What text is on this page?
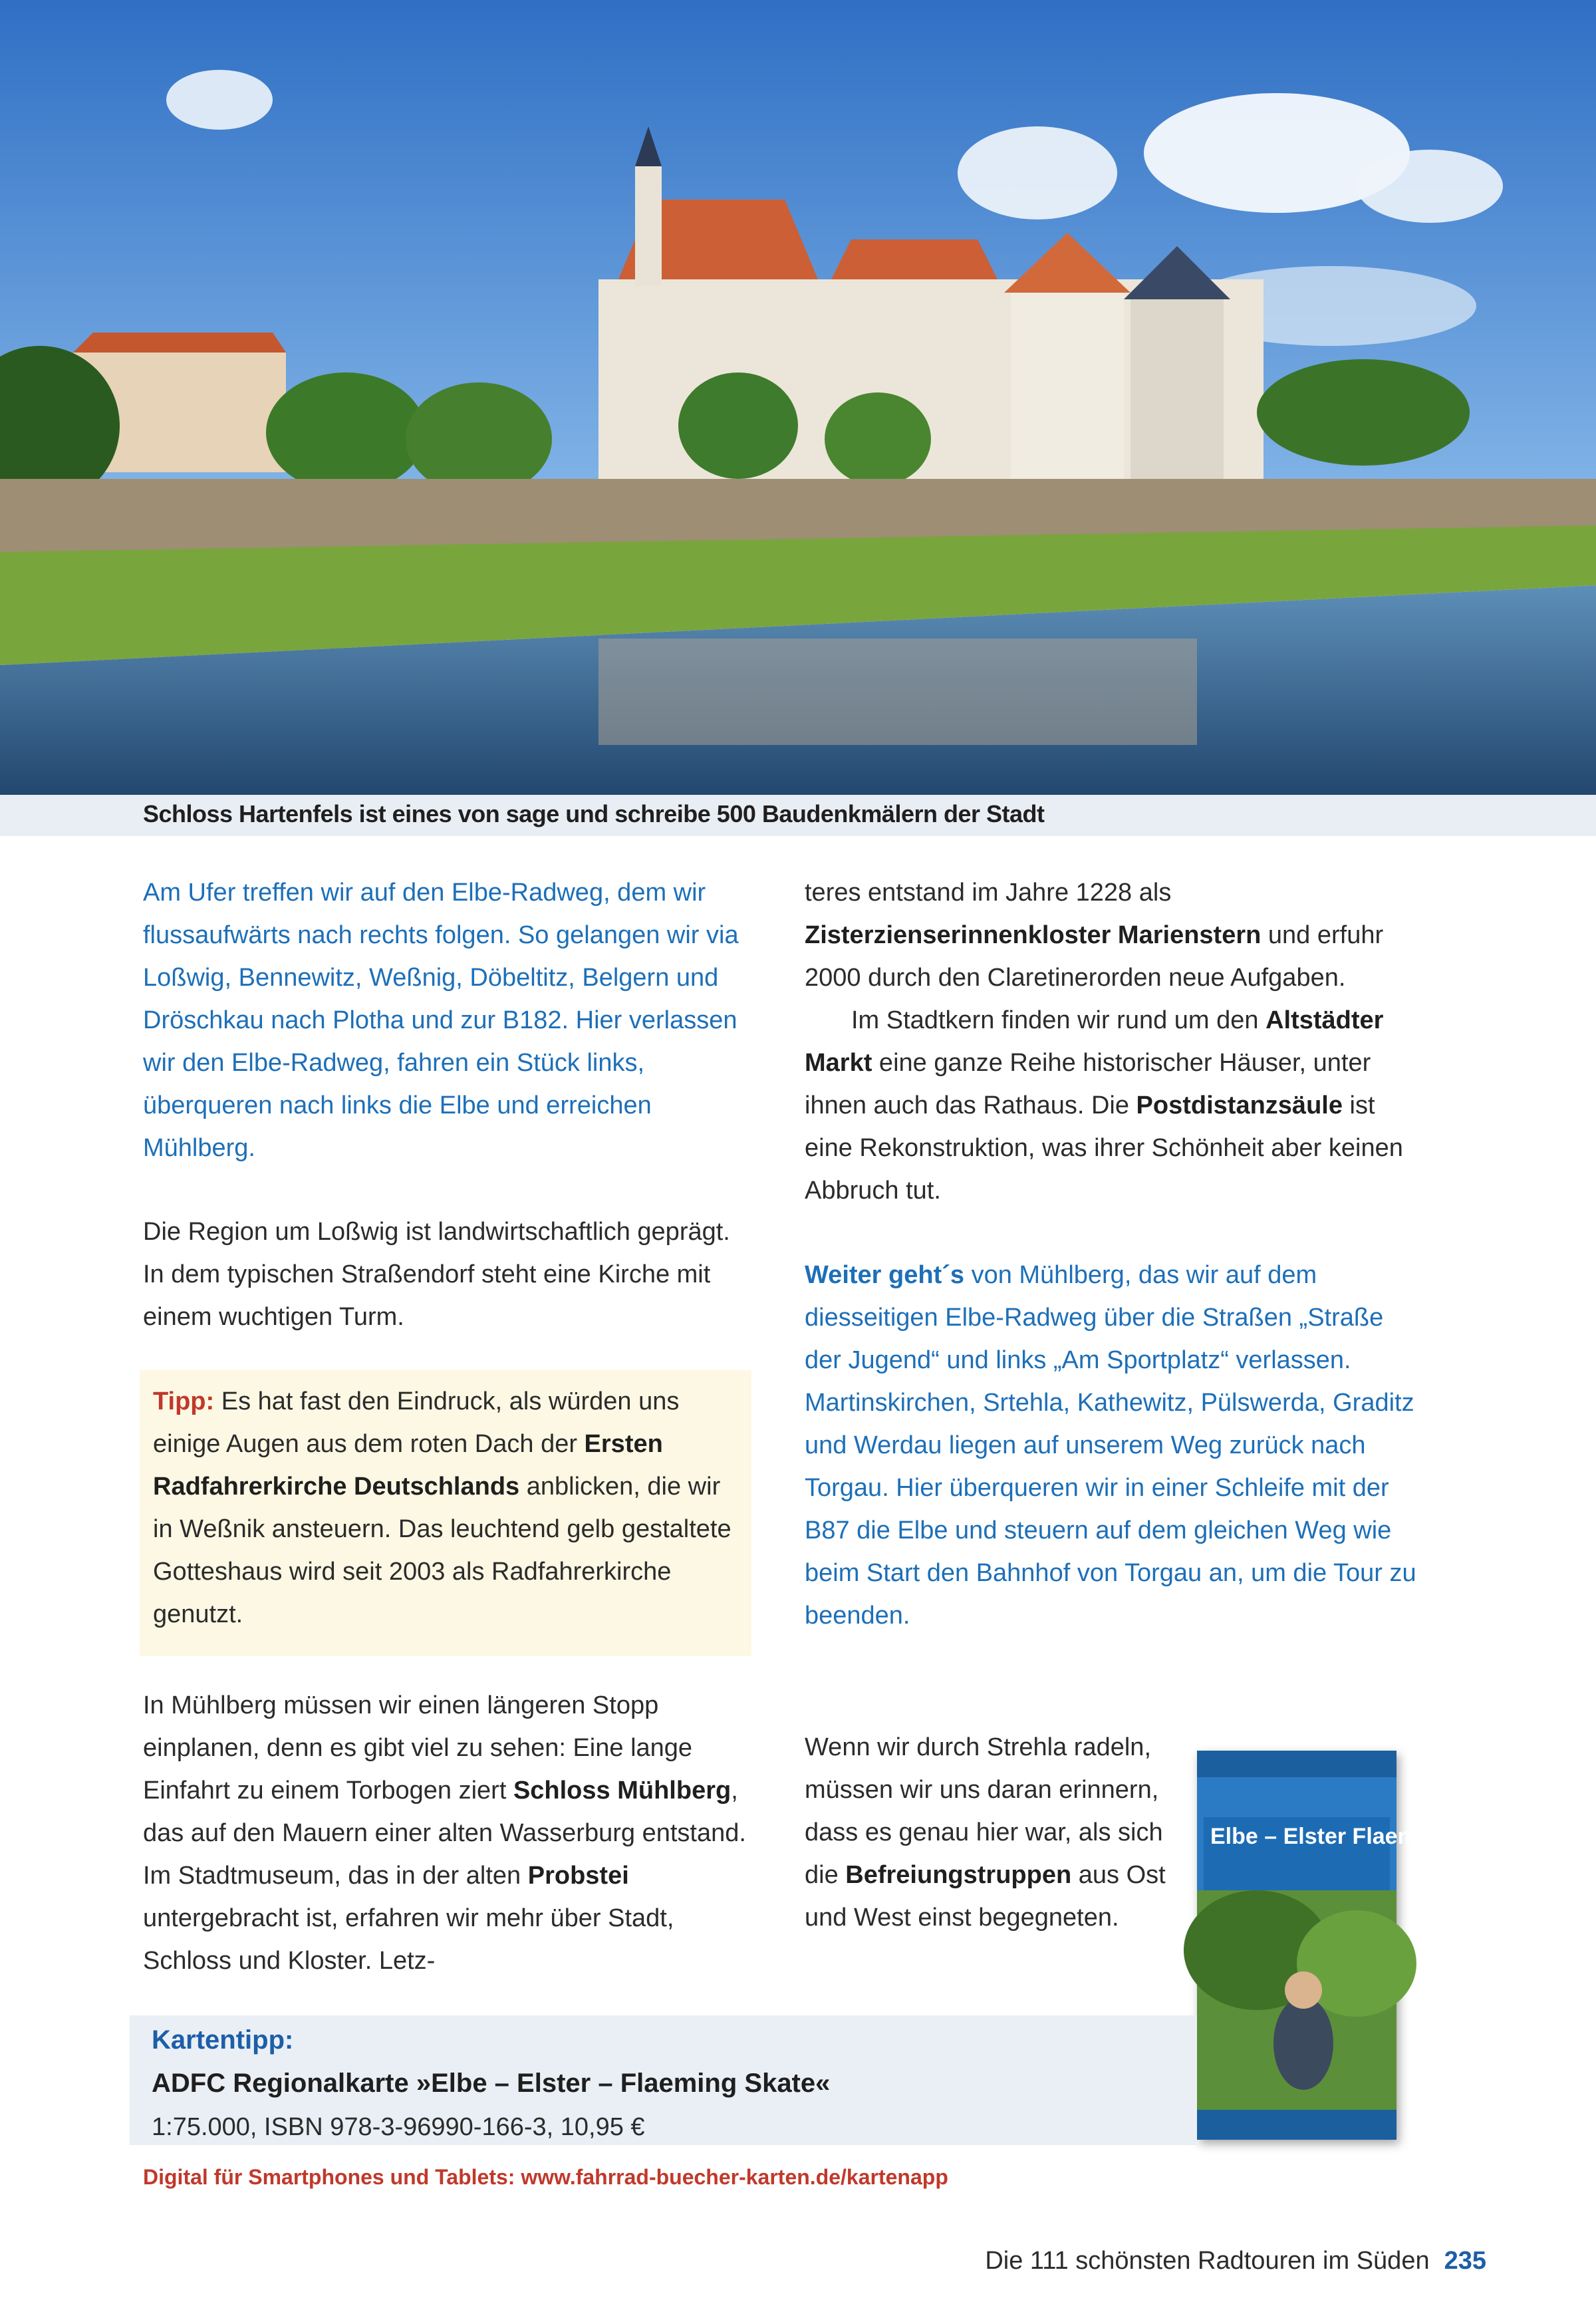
Schloss Hartenfels ist eines von sage und schreibe 500 Baudenkmälern der Stadt

Am Ufer treffen wir auf den Elbe-Radweg, dem wir flussaufwärts nach rechts folgen. So gelangen wir via Loßwig, Bennewitz, Weßnig, Döbeltitz, Belgern und Dröschkau nach Plotha und zur B182. Hier verlassen wir den Elbe-Radweg, fahren ein Stück links, überqueren nach links die Elbe und erreichen Mühlberg.

Die Region um Loßwig ist landwirtschaftlich geprägt. In dem typischen Straßendorf steht eine Kirche mit einem wuchtigen Turm.

Tipp: Es hat fast den Eindruck, als würden uns einige Augen aus dem roten Dach der Ersten Radfahrerkirche Deutschlands anblicken, die wir in Weßnik ansteuern. Das leuchtend gelb gestaltete Gotteshaus wird seit 2003 als Radfahrerkirche genutzt.

In Mühlberg müssen wir einen längeren Stopp einplanen, denn es gibt viel zu sehen: Eine lange Einfahrt zu einem Torbogen ziert Schloss Mühlberg, das auf den Mauern einer alten Wasserburg entstand. Im Stadtmuseum, das in der alten Probstei untergebracht ist, erfahren wir mehr über Stadt, Schloss und Kloster. Letz-

teres entstand im Jahre 1228 als Zisterzienserinnenkloster Marienstern und erfuhr 2000 durch den Claretinerorden neue Aufgaben.

Im Stadtkern finden wir rund um den Altstädter Markt eine ganze Reihe historischer Häuser, unter ihnen auch das Rathaus. Die Postdistanzsäule ist eine Rekonstruktion, was ihrer Schönheit aber keinen Abbruch tut.

Weiter geht´s von Mühlberg, das wir auf dem diesseitigen Elbe-Radweg über die Straßen „Straße der Jugend“ und links „Am Sportplatz“ verlassen. Martinskirchen, Srtehla, Kathewitz, Pülswerda, Graditz und Werdau liegen auf unserem Weg zurück nach Torgau. Hier überqueren wir in einer Schleife mit der B87 die Elbe und steuern auf dem gleichen Weg wie beim Start den Bahnhof von Torgau an, um die Tour zu beenden.

Wenn wir durch Strehla radeln, müssen wir uns daran erinnern, dass es genau hier war, als sich die Befreiungstruppen aus Ost und West einst begegneten.

Elbe – Elster Flaeming Skate
Kartentipp:
ADFC Regionalkarte »Elbe – Elster – Flaeming Skate«
1:75.000, ISBN 978-3-96990-166-3, 10,95 €
Digital für Smartphones und Tablets: www.fahrrad-buecher-karten.de/kartenapp
Die 111 schönsten Radtouren im Süden 235
